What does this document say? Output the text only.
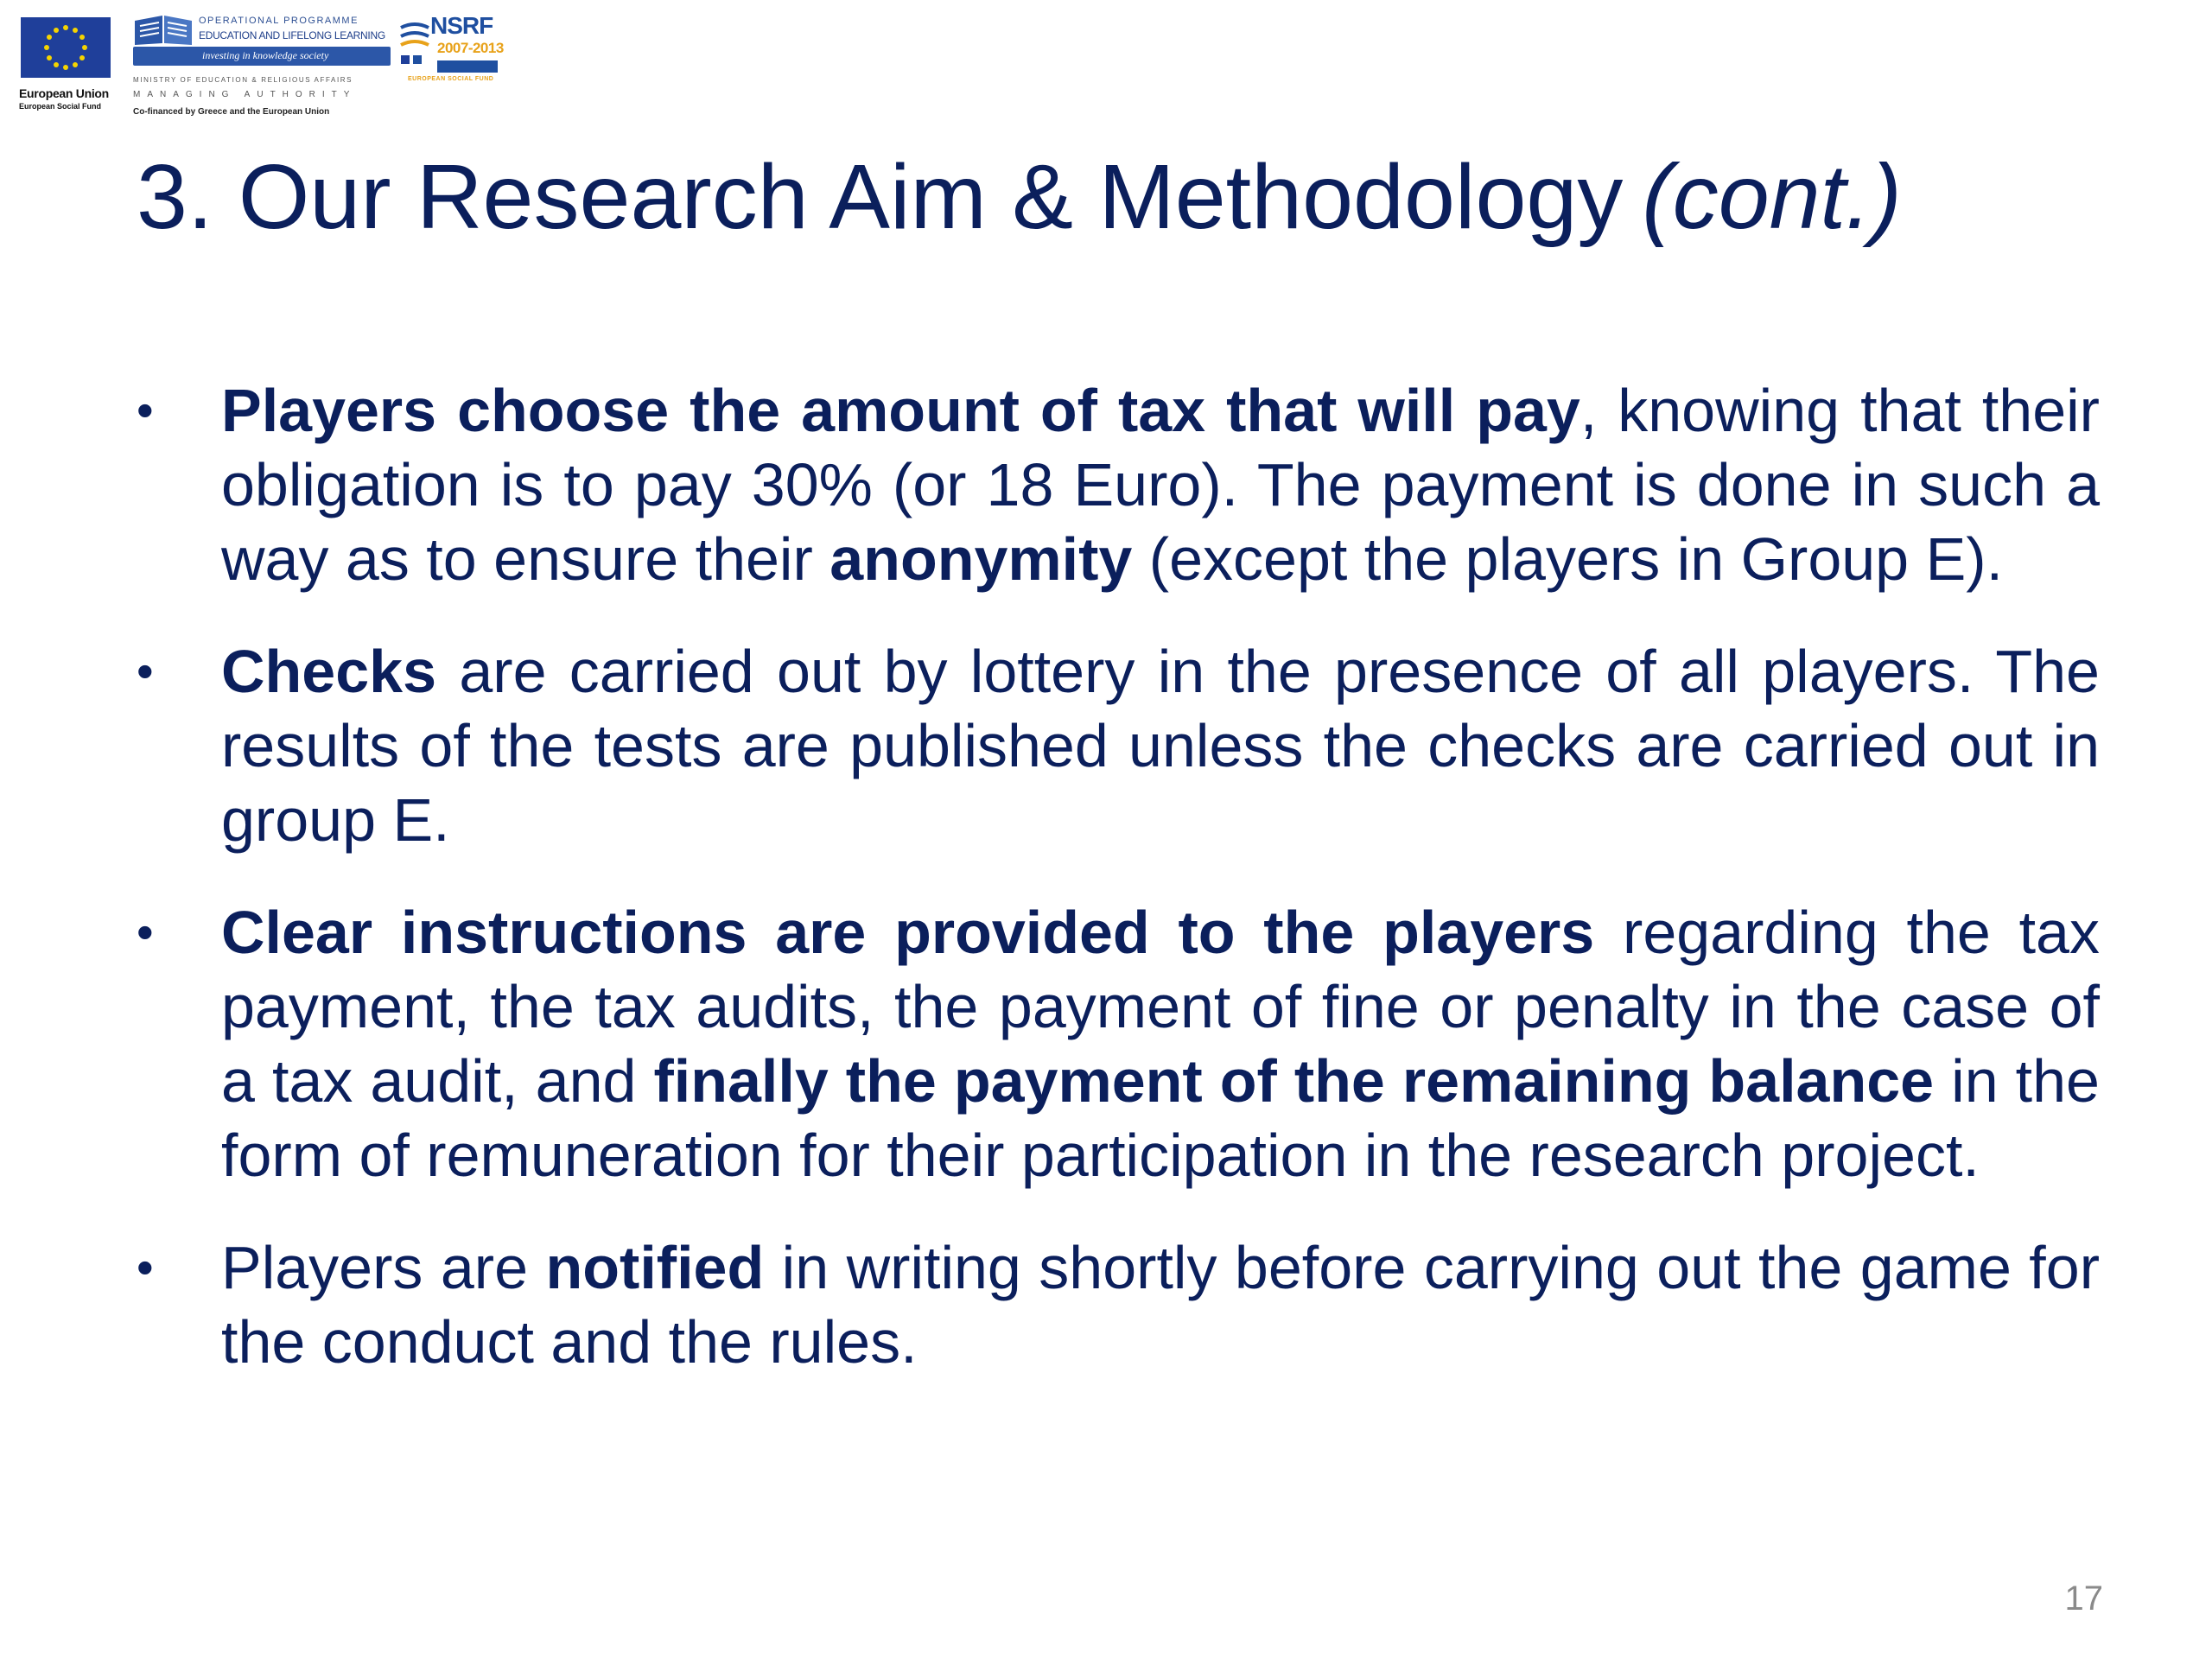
European Union
European Social Fund
OPERATIONAL PROGRAMME
EDUCATION AND LIFELONG LEARNING
investing in knowledge society
MINISTRY OF EDUCATION & RELIGIOUS AFFAIRS
MANAGING AUTHORITY
Co-financed by Greece and the European Union
NSRF
2007-2013
EUROPEAN SOCIAL FUND
3. Our Research Aim & Methodology (cont.)
• Players choose the amount of tax that will pay, knowing that their obligation is to pay 30% (or 18 Euro). The payment is done in such a way as to ensure their anonymity (except the players in Group E).
• Checks are carried out by lottery in the presence of all players. The results of the tests are published unless the checks are carried out in group E.
• Clear instructions are provided to the players regarding the tax payment, the tax audits, the payment of fine or penalty in the case of a tax audit, and finally the payment of the remaining balance in the form of remuneration for their participation in the research project.
• Players are notified in writing shortly before carrying out the game for the conduct and the rules.
17
